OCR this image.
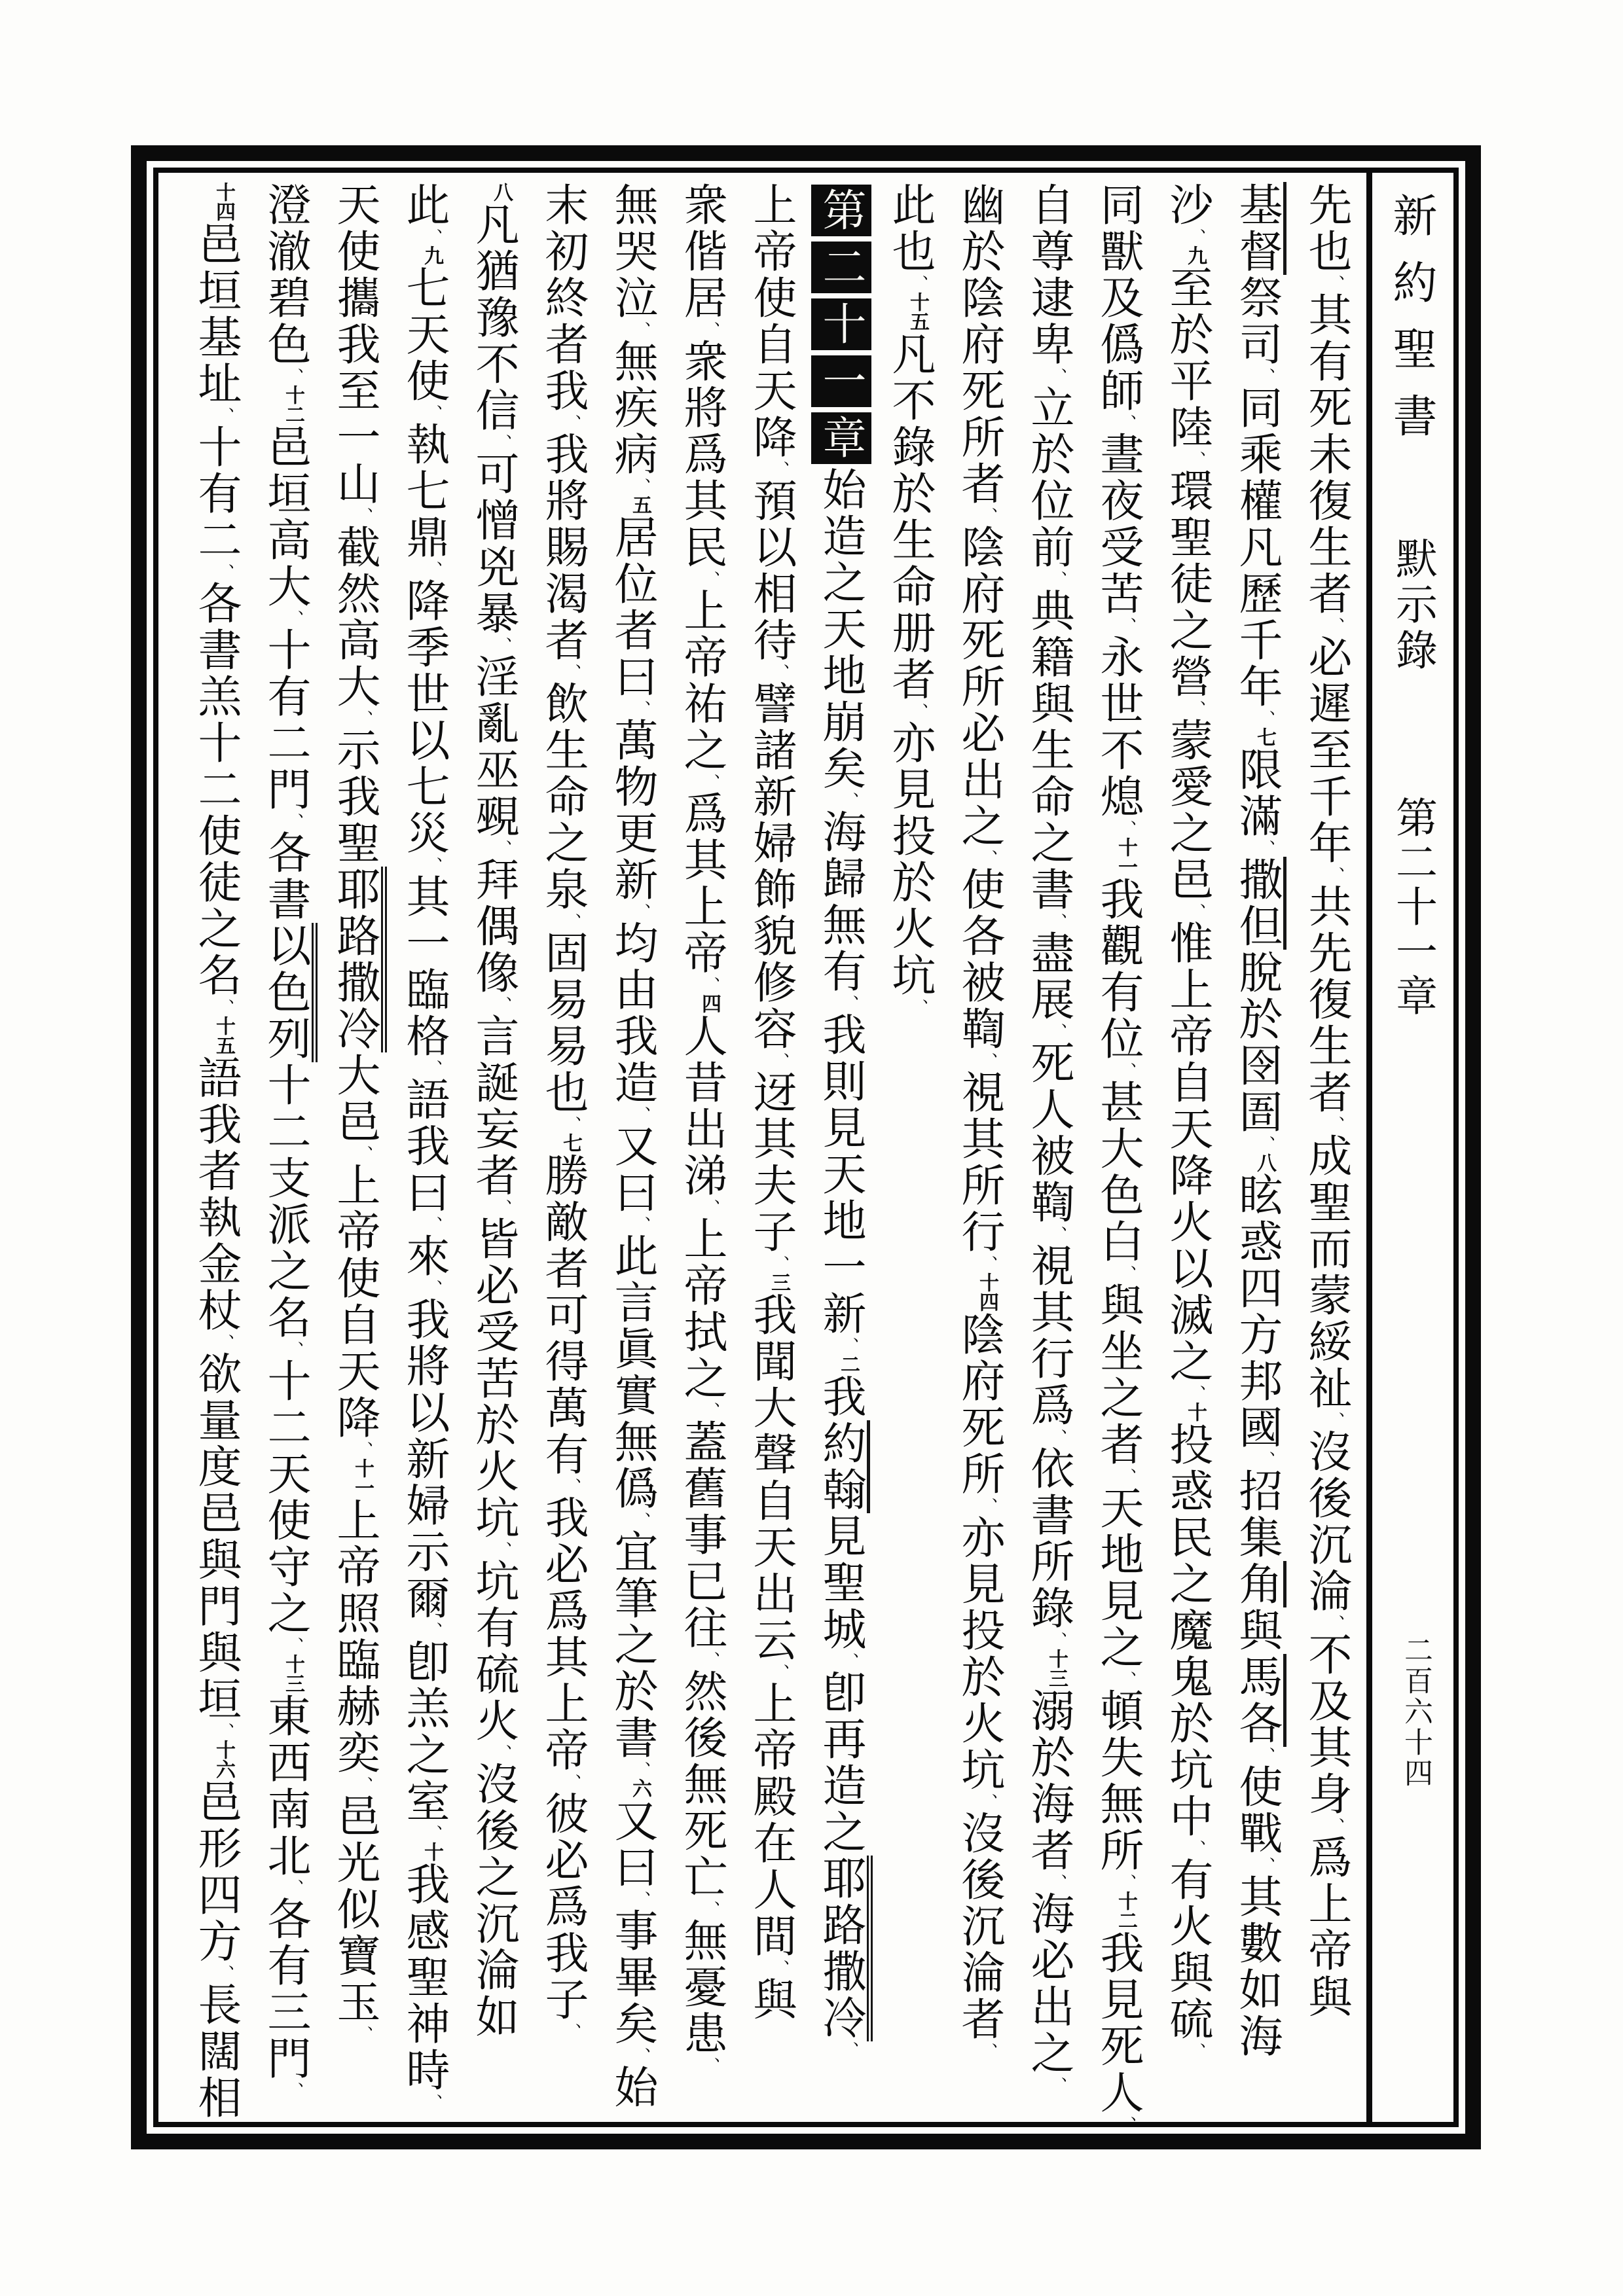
新約聖書
默示錄
第二十一章
二百六十四

先也、其有死未復生者、必遲至千年、共先復生者、成聖而蒙綏祉、沒後沉淪、不及其身、爲上帝與

基督祭司、同乘權凡歷千年、七限滿、撒但脫於囹圄、八眩惑四方邦國、招集角與馬各、使戰、其數如海

沙、九至於平陸、環聖徒之營、蒙愛之邑、惟上帝自天降火以滅之、十投惑民之魔鬼於坑中、有火與硫、

同獸及僞師、晝夜受苦、永世不熄、十一我觀有位、甚大色白、與坐之者、天地見之、頓失無所、十二我見死人、

自尊逮卑、立於位前、典籍與生命之書、盡展、死人被鞫、視其行爲、依書所錄、十三溺於海者、海必出之、

幽於陰府死所者、陰府死所必出之、使各被鞫、視其所行、十四陰府死所、亦見投於火坑、沒後沉淪者、

此也、十五凡不錄於生命册者、亦見投於火坑、

第二十一章始造之天地崩矣、海歸無有、我則見天地一新、二我約翰見聖城、卽再造之耶路撒冷、

上帝使自天降、預以相待、譬諸新婦飾貌修容、迓其夫子、三我聞大聲自天出云、上帝殿在人間、與

衆偕居、衆將爲其民、上帝祐之、爲其上帝、四人昔出涕、上帝拭之、蓋舊事已往、然後無死亡、無憂患、

無哭泣、無疾病、五居位者曰、萬物更新、均由我造、又曰、此言眞實無僞、宜筆之於書、六又曰、事畢矣、始

末初終者我、我將賜渴者、飲生命之泉、固易易也、七勝敵者可得萬有、我必爲其上帝、彼必爲我子、

八凡猶豫不信、可憎兇暴、淫亂巫覡、拜偶像、言誕妄者、皆必受苦於火坑、坑有硫火、沒後之沉淪如

此、九七天使、執七鼎、降季世以七災、其一臨格、語我曰、來、我將以新婦示爾、卽羔之室、十我感聖神時、

天使攜我至一山、截然高大、示我聖耶路撒冷大邑、上帝使自天降、十一上帝照臨赫奕、邑光似寶玉、

澄澈碧色、十二邑垣高大、十有二門、各書以色列十二支派之名、十二天使守之、十三東西南北、各有三門、

十四邑垣基址、十有二、各書羔十二使徒之名、十五語我者執金杖、欲量度邑與門與垣、十六邑形四方、長闊相
